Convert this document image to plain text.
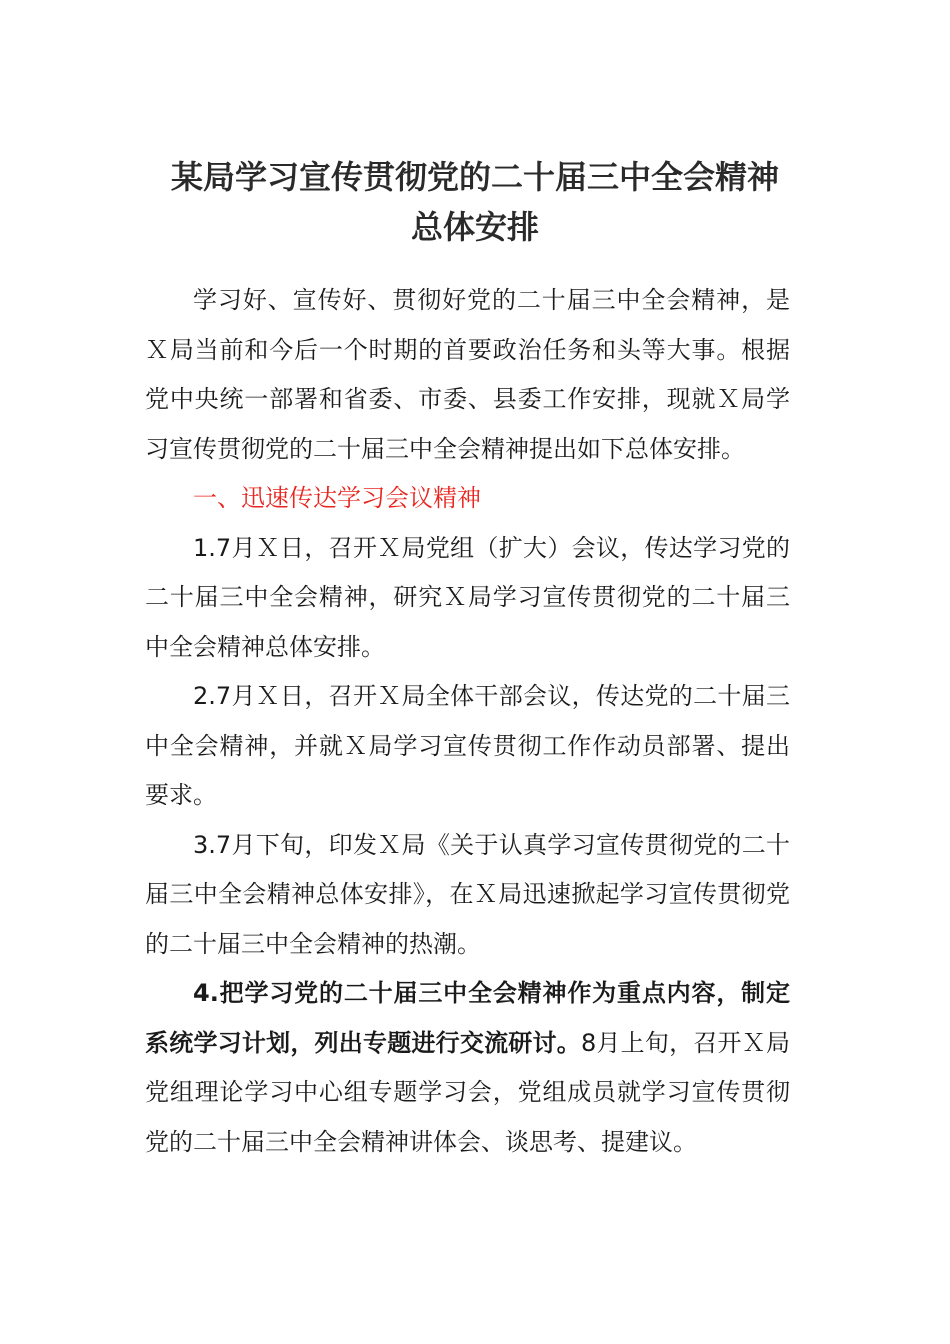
某局学习宣传贯彻党的二十届三中全会精神
总体安排

学习好、宣传好、贯彻好党的二十届三中全会精神，是Ｘ局当前和今后一个时期的首要政治任务和头等大事。根据党中央统一部署和省委、市委、县委工作安排，现就Ｘ局学习宣传贯彻党的二十届三中全会精神提出如下总体安排。

一、迅速传达学习会议精神

1.7月Ｘ日，召开Ｘ局党组（扩大）会议，传达学习党的二十届三中全会精神，研究Ｘ局学习宣传贯彻党的二十届三中全会精神总体安排。

2.7月Ｘ日，召开Ｘ局全体干部会议，传达党的二十届三中全会精神，并就Ｘ局学习宣传贯彻工作作动员部署、提出要求。

3.7月下旬，印发Ｘ局《关于认真学习宣传贯彻党的二十届三中全会精神总体安排》，在Ｘ局迅速掀起学习宣传贯彻党的二十届三中全会精神的热潮。

4.把学习党的二十届三中全会精神作为重点内容，制定系统学习计划，列出专题进行交流研讨。8月上旬，召开Ｘ局党组理论学习中心组专题学习会，党组成员就学习宣传贯彻党的二十届三中全会精神讲体会、谈思考、提建议。
